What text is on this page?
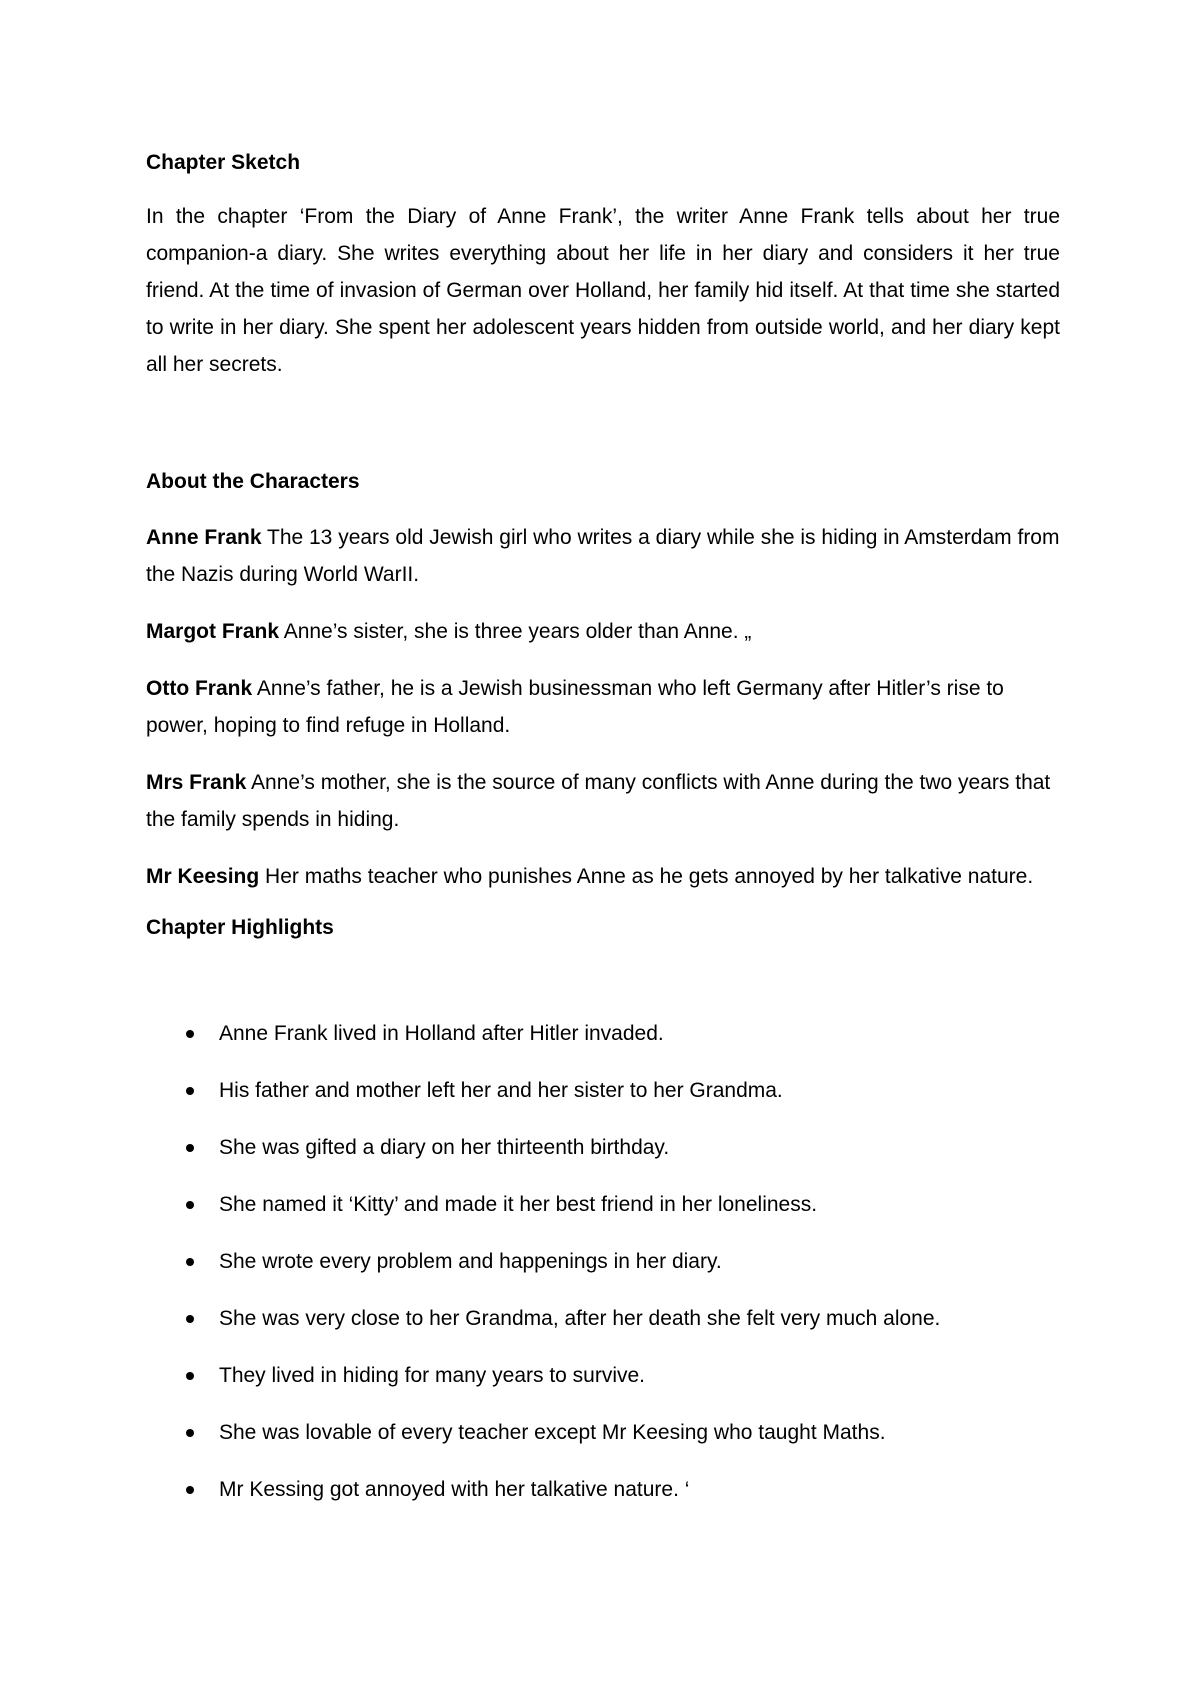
Chapter Sketch

In the chapter ‘From the Diary of Anne Frank’, the writer Anne Frank tells about her true companion-a diary. She writes everything about her life in her diary and considers it her true friend. At the time of invasion of German over Holland, her family hid itself. At that time she started to write in her diary. She spent her adolescent years hidden from outside world, and her diary kept all her secrets.

About the Characters

Anne Frank The 13 years old Jewish girl who writes a diary while she is hiding in Amsterdam from the Nazis during World WarII.

Margot Frank Anne’s sister, she is three years older than Anne. „

Otto Frank Anne’s father, he is a Jewish businessman who left Germany after Hitler’s rise to power, hoping to find refuge in Holland.

Mrs Frank Anne’s mother, she is the source of many conflicts with Anne during the two years that the family spends in hiding.

Mr Keesing Her maths teacher who punishes Anne as he gets annoyed by her talkative nature.

Chapter Highlights

Anne Frank lived in Holland after Hitler invaded.
His father and mother left her and her sister to her Grandma.
She was gifted a diary on her thirteenth birthday.
She named it ‘Kitty’ and made it her best friend in her loneliness.
She wrote every problem and happenings in her diary.
She was very close to her Grandma, after her death she felt very much alone.
They lived in hiding for many years to survive.
She was lovable of every teacher except Mr Keesing who taught Maths.
Mr Kessing got annoyed with her talkative nature. ‘
